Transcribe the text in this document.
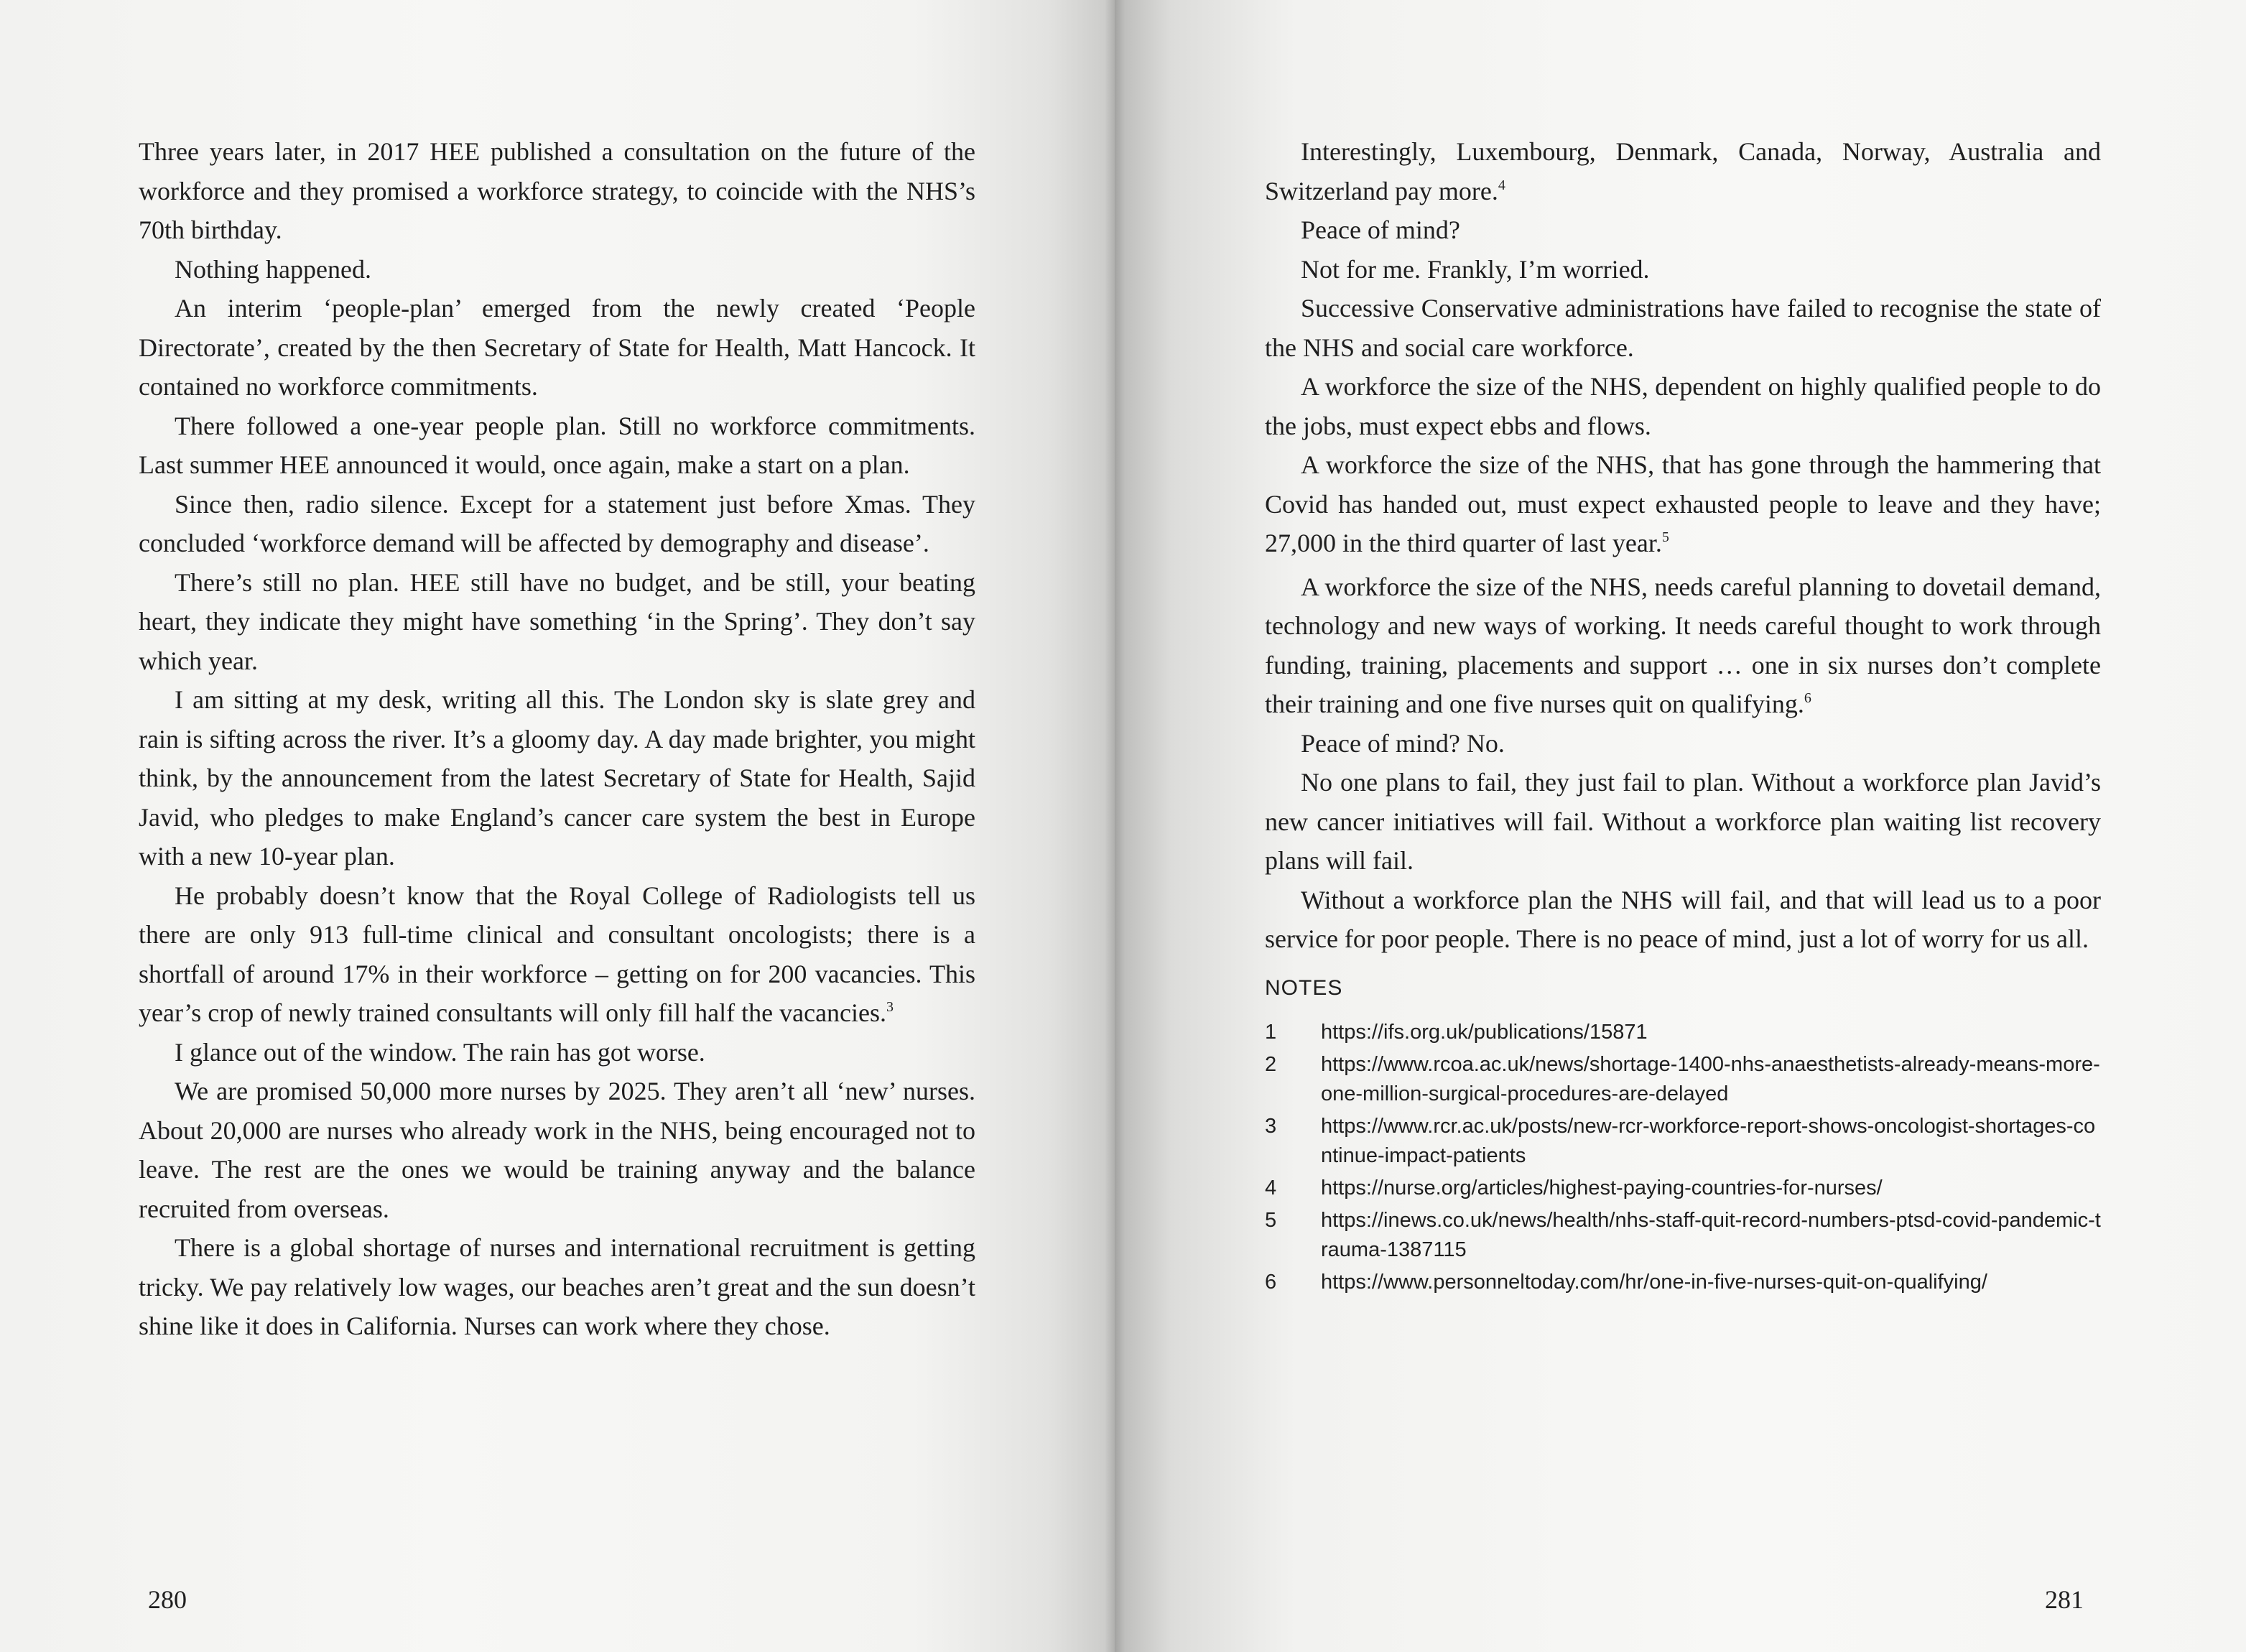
Three years later, in 2017 HEE published a consultation on the future of the workforce and they promised a workforce strategy, to coincide with the NHS’s 70th birthday.

Nothing happened.

An interim ‘people-plan’ emerged from the newly created ‘People Directorate’, created by the then Secretary of State for Health, Matt Hancock. It contained no workforce commitments.

There followed a one-year people plan. Still no workforce commitments. Last summer HEE announced it would, once again, make a start on a plan.

Since then, radio silence. Except for a statement just before Xmas. They concluded ‘workforce demand will be affected by demography and disease’.

There’s still no plan. HEE still have no budget, and be still, your beating heart, they indicate they might have something ‘in the Spring’. They don’t say which year.

I am sitting at my desk, writing all this. The London sky is slate grey and rain is sifting across the river. It’s a gloomy day. A day made brighter, you might think, by the announcement from the latest Secretary of State for Health, Sajid Javid, who pledges to make England’s cancer care system the best in Europe with a new 10-year plan.

He probably doesn’t know that the Royal College of Radiologists tell us there are only 913 full-time clinical and consultant oncologists; there is a shortfall of around 17% in their workforce – getting on for 200 vacancies. This year’s crop of newly trained consultants will only fill half the vacancies.$^3$

I glance out of the window. The rain has got worse.

We are promised 50,000 more nurses by 2025. They aren’t all ‘new’ nurses. About 20,000 are nurses who already work in the NHS, being encouraged not to leave. The rest are the ones we would be training anyway and the balance recruited from overseas.

There is a global shortage of nurses and international recruitment is getting tricky. We pay relatively low wages, our beaches aren’t great and the sun doesn’t shine like it does in California. Nurses can work where they chose.

280

Interestingly, Luxembourg, Denmark, Canada, Norway, Australia and Switzerland pay more.$^4$

Peace of mind?

Not for me. Frankly, I’m worried.

Successive Conservative administrations have failed to recognise the state of the NHS and social care workforce.

A workforce the size of the NHS, dependent on highly qualified people to do the jobs, must expect ebbs and flows.

A workforce the size of the NHS, that has gone through the hammering that Covid has handed out, must expect exhausted people to leave and they have; 27,000 in the third quarter of last year.$^5$

A workforce the size of the NHS, needs careful planning to dovetail demand, technology and new ways of working. It needs careful thought to work through funding, training, placements and support … one in six nurses don’t complete their training and one five nurses quit on qualifying.$^6$

Peace of mind? No.

No one plans to fail, they just fail to plan. Without a workforce plan Javid’s new cancer initiatives will fail. Without a workforce plan waiting list recovery plans will fail.

Without a workforce plan the NHS will fail, and that will lead us to a poor service for poor people. There is no peace of mind, just a lot of worry for us all.

NOTES
1	https://ifs.org.uk/publications/15871
2	https://www.rcoa.ac.uk/news/shortage-1400-nhs-anaesthetists-already-means-more-one-million-surgical-procedures-are-delayed
3	https://www.rcr.ac.uk/posts/new-rcr-workforce-report-shows-oncologist-shortages-continue-impact-patients
4	https://nurse.org/articles/highest-paying-countries-for-nurses/
5	https://inews.co.uk/news/health/nhs-staff-quit-record-numbers-ptsd-covid-pandemic-trauma-1387115
6	https://www.personneltoday.com/hr/one-in-five-nurses-quit-on-qualifying/
281
